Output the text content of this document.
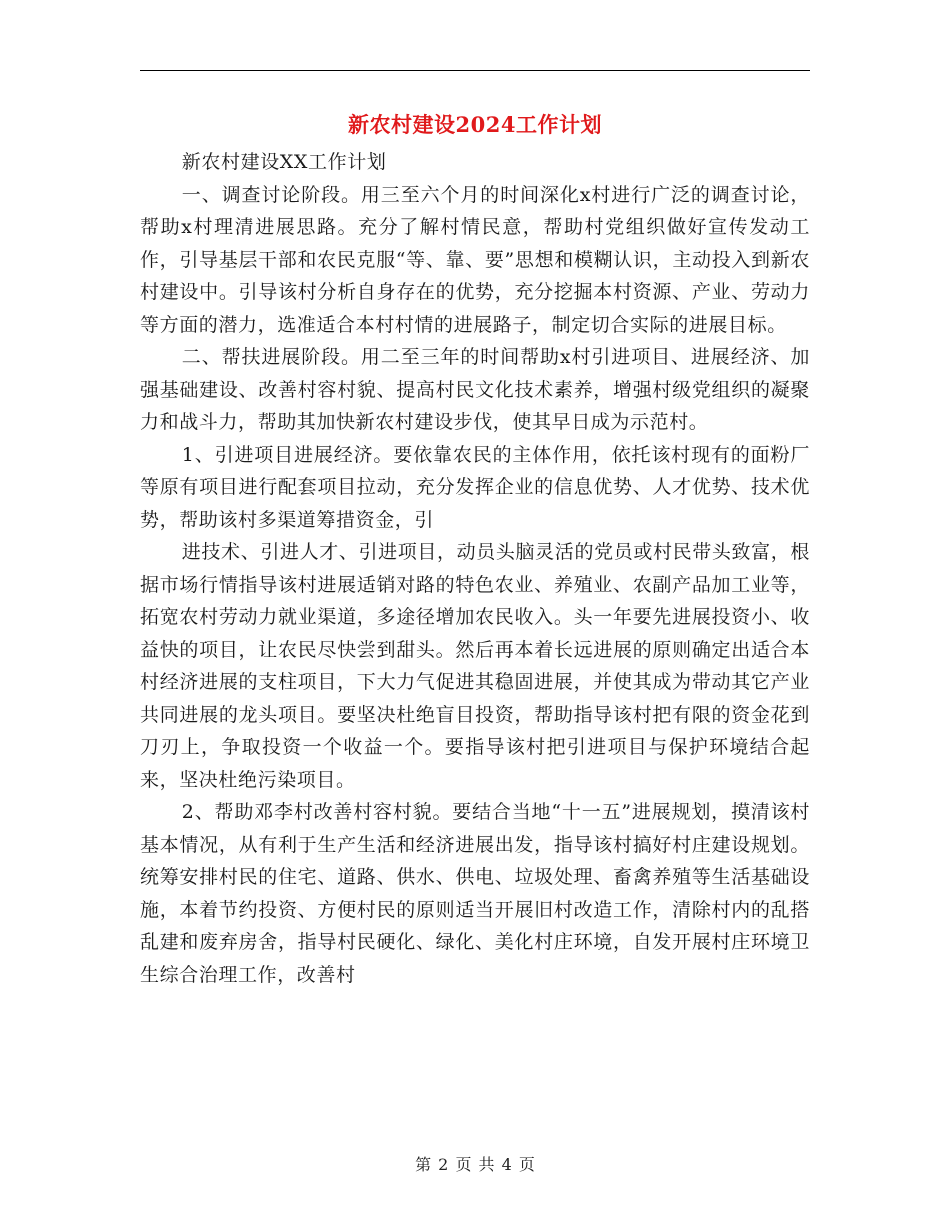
新农村建设2024工作计划

新农村建设XX工作计划

一、调查讨论阶段。用三至六个月的时间深化x村进行广泛的调查讨论，帮助x村理清进展思路。充分了解村情民意，帮助村党组织做好宣传发动工作，引导基层干部和农民克服“等、靠、要”思想和模糊认识，主动投入到新农村建设中。引导该村分析自身存在的优势，充分挖掘本村资源、产业、劳动力等方面的潜力，选准适合本村村情的进展路子，制定切合实际的进展目标。

二、帮扶进展阶段。用二至三年的时间帮助x村引进项目、进展经济、加强基础建设、改善村容村貌、提高村民文化技术素养，增强村级党组织的凝聚力和战斗力，帮助其加快新农村建设步伐，使其早日成为示范村。

1、引进项目进展经济。要依靠农民的主体作用，依托该村现有的面粉厂等原有项目进行配套项目拉动，充分发挥企业的信息优势、人才优势、技术优势，帮助该村多渠道筹措资金，引

进技术、引进人才、引进项目，动员头脑灵活的党员或村民带头致富，根据市场行情指导该村进展适销对路的特色农业、养殖业、农副产品加工业等，拓宽农村劳动力就业渠道，多途径增加农民收入。头一年要先进展投资小、收益快的项目，让农民尽快尝到甜头。然后再本着长远进展的原则确定出适合本村经济进展的支柱项目，下大力气促进其稳固进展，并使其成为带动其它产业共同进展的龙头项目。要坚决杜绝盲目投资，帮助指导该村把有限的资金花到刀刃上，争取投资一个收益一个。要指导该村把引进项目与保护环境结合起来，坚决杜绝污染项目。

2、帮助邓李村改善村容村貌。要结合当地“十一五”进展规划，摸清该村基本情况，从有利于生产生活和经济进展出发，指导该村搞好村庄建设规划。统筹安排村民的住宅、道路、供水、供电、垃圾处理、畜禽养殖等生活基础设施，本着节约投资、方便村民的原则适当开展旧村改造工作，清除村内的乱搭乱建和废弃房舍，指导村民硬化、绿化、美化村庄环境，自发开展村庄环境卫生综合治理工作，改善村

第 2 页 共 4 页
